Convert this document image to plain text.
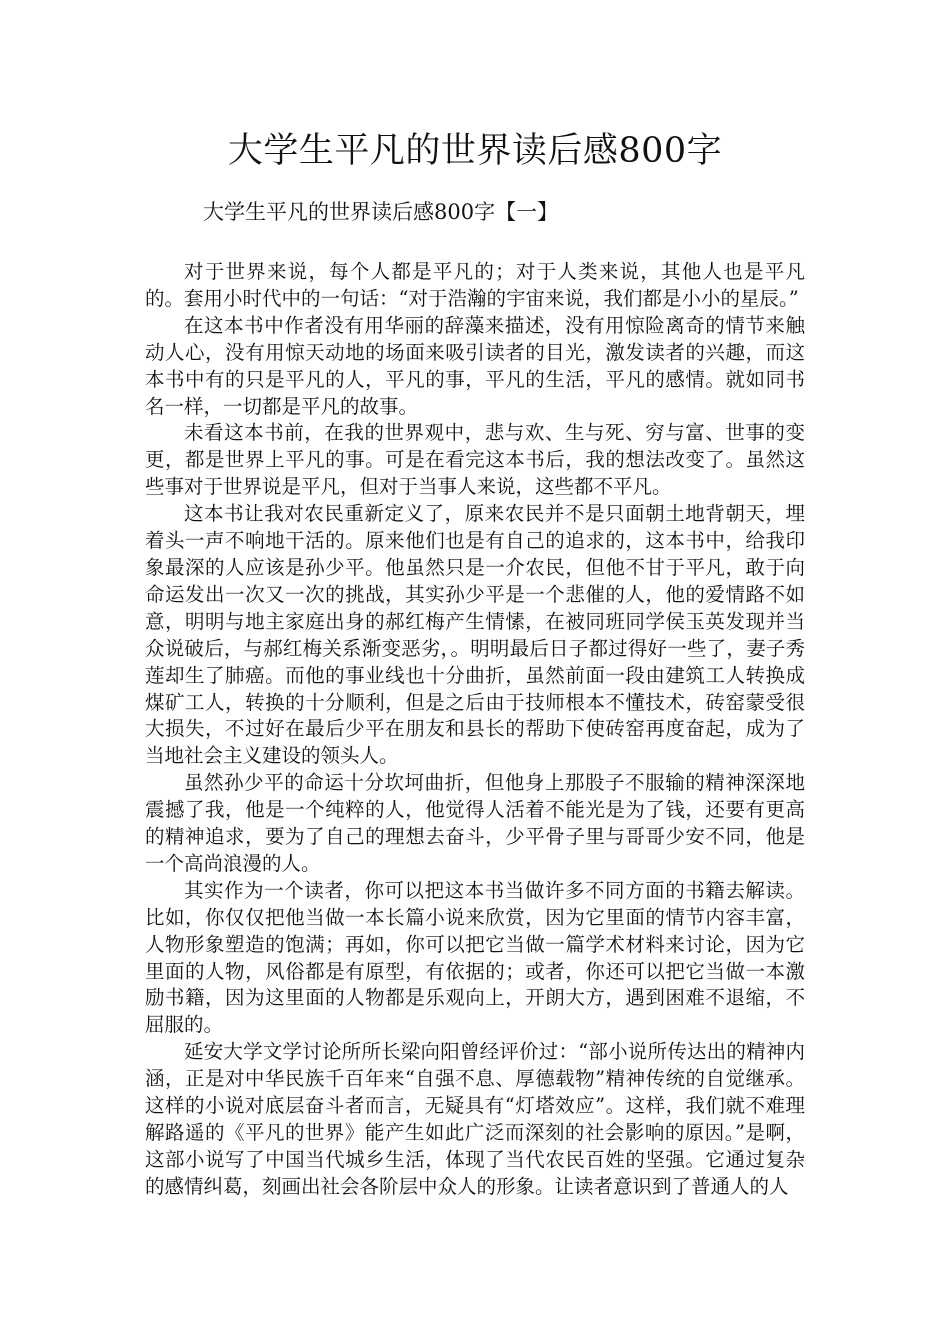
大学生平凡的世界读后感800字
大学生平凡的世界读后感800字【一】

对于世界来说，每个人都是平凡的；对于人类来说，其他人也是平凡的。套用小时代中的一句话：“对于浩瀚的宇宙来说，我们都是小小的星辰。”

在这本书中作者没有用华丽的辞藻来描述，没有用惊险离奇的情节来触动人心，没有用惊天动地的场面来吸引读者的目光，激发读者的兴趣，而这本书中有的只是平凡的人，平凡的事，平凡的生活，平凡的感情。就如同书名一样，一切都是平凡的故事。

未看这本书前，在我的世界观中，悲与欢、生与死、穷与富、世事的变更，都是世界上平凡的事。可是在看完这本书后，我的想法改变了。虽然这些事对于世界说是平凡，但对于当事人来说，这些都不平凡。

这本书让我对农民重新定义了，原来农民并不是只面朝土地背朝天，埋着头一声不响地干活的。原来他们也是有自己的追求的，这本书中，给我印象最深的人应该是孙少平。他虽然只是一介农民，但他不甘于平凡，敢于向命运发出一次又一次的挑战，其实孙少平是一个悲催的人，他的爱情路不如意，明明与地主家庭出身的郝红梅产生情愫，在被同班同学侯玉英发现并当众说破后，与郝红梅关系渐变恶劣，。明明最后日子都过得好一些了，妻子秀莲却生了肺癌。而他的事业线也十分曲折，虽然前面一段由建筑工人转换成煤矿工人，转换的十分顺利，但是之后由于技师根本不懂技术，砖窑蒙受很大损失，不过好在最后少平在朋友和县长的帮助下使砖窑再度奋起，成为了当地社会主义建设的领头人。

虽然孙少平的命运十分坎坷曲折，但他身上那股子不服输的精神深深地震撼了我，他是一个纯粹的人，他觉得人活着不能光是为了钱，还要有更高的精神追求，要为了自己的理想去奋斗，少平骨子里与哥哥少安不同，他是一个高尚浪漫的人。

其实作为一个读者，你可以把这本书当做许多不同方面的书籍去解读。比如，你仅仅把他当做一本长篇小说来欣赏，因为它里面的情节内容丰富，人物形象塑造的饱满；再如，你可以把它当做一篇学术材料来讨论，因为它里面的人物，风俗都是有原型，有依据的；或者，你还可以把它当做一本激励书籍，因为这里面的人物都是乐观向上，开朗大方，遇到困难不退缩，不屈服的。

延安大学文学讨论所所长梁向阳曾经评价过：“部小说所传达出的精神内涵，正是对中华民族千百年来“自强不息、厚德载物”精神传统的自觉继承。这样的小说对底层奋斗者而言，无疑具有“灯塔效应”。这样，我们就不难理解路遥的《平凡的世界》能产生如此广泛而深刻的社会影响的原因。”是啊，这部小说写了中国当代城乡生活，体现了当代农民百姓的坚强。它通过复杂的感情纠葛，刻画出社会各阶层中众人的形象。让读者意识到了普通人的人
